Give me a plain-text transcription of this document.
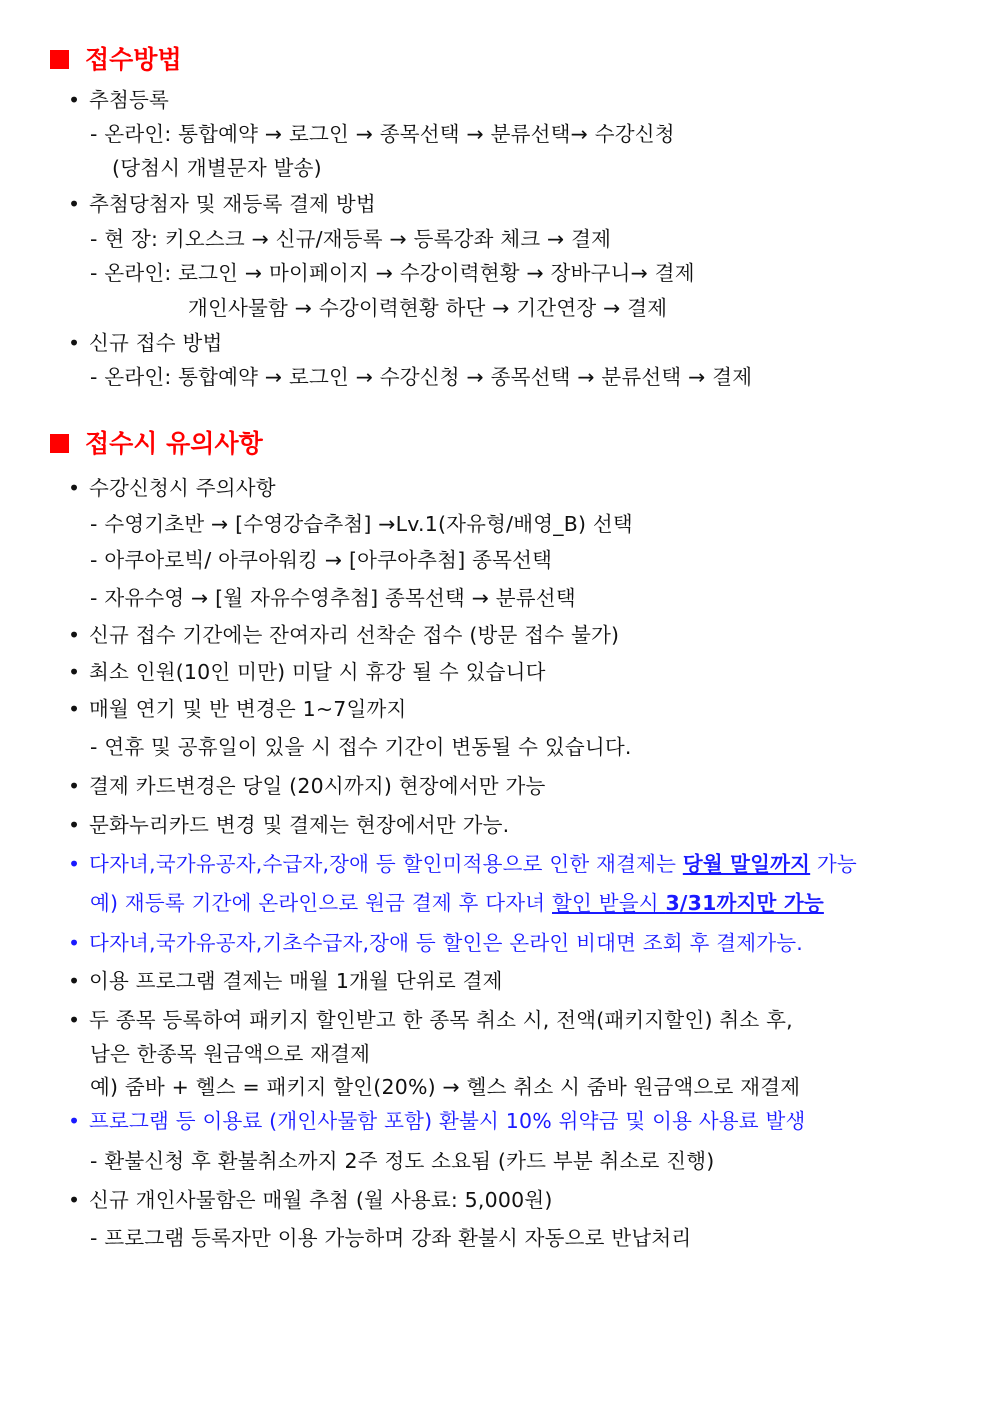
접수방법
• 추첨등록
- 온라인: 통합예약 → 로그인 → 종목선택 → 분류선택→ 수강신청
(당첨시 개별문자 발송)
• 추첨당첨자 및 재등록 결제 방법
- 현 장: 키오스크 → 신규/재등록 → 등록강좌 체크 → 결제
- 온라인: 로그인 → 마이페이지 → 수강이력현황 → 장바구니→ 결제
개인사물함 → 수강이력현황 하단 → 기간연장 → 결제
• 신규 접수 방법
- 온라인: 통합예약 → 로그인 → 수강신청 → 종목선택 → 분류선택 → 결제
접수시 유의사항
• 수강신청시 주의사항
- 수영기초반 → [수영강습추첨] →Lv.1(자유형/배영_B) 선택
- 아쿠아로빅/ 아쿠아워킹 → [아쿠아추첨] 종목선택
- 자유수영 → [월 자유수영추첨] 종목선택 → 분류선택
• 신규 접수 기간에는 잔여자리 선착순 접수 (방문 접수 불가)
• 최소 인원(10인 미만) 미달 시 휴강 될 수 있습니다
• 매월 연기 및 반 변경은 1~7일까지
- 연휴 및 공휴일이 있을 시 접수 기간이 변동될 수 있습니다.
• 결제 카드변경은 당일 (20시까지) 현장에서만 가능
• 문화누리카드 변경 및 결제는 현장에서만 가능.
• 다자녀,국가유공자,수급자,장애 등 할인미적용으로 인한 재결제는 당월 말일까지 가능
예) 재등록 기간에 온라인으로 원금 결제 후 다자녀 할인 받을시 3/31까지만 가능
• 다자녀,국가유공자,기초수급자,장애 등 할인은 온라인 비대면 조회 후 결제가능.
• 이용 프로그램 결제는 매월 1개월 단위로 결제
• 두 종목 등록하여 패키지 할인받고 한 종목 취소 시, 전액(패키지할인) 취소 후,
남은 한종목 원금액으로 재결제
예) 줌바 + 헬스 = 패키지 할인(20%) → 헬스 취소 시 줌바 원금액으로 재결제
• 프로그램 등 이용료 (개인사물함 포함) 환불시 10% 위약금 및 이용 사용료 발생
- 환불신청 후 환불취소까지 2주 정도 소요됨 (카드 부분 취소로 진행)
• 신규 개인사물함은 매월 추첨 (월 사용료: 5,000원)
- 프로그램 등록자만 이용 가능하며 강좌 환불시 자동으로 반납처리
